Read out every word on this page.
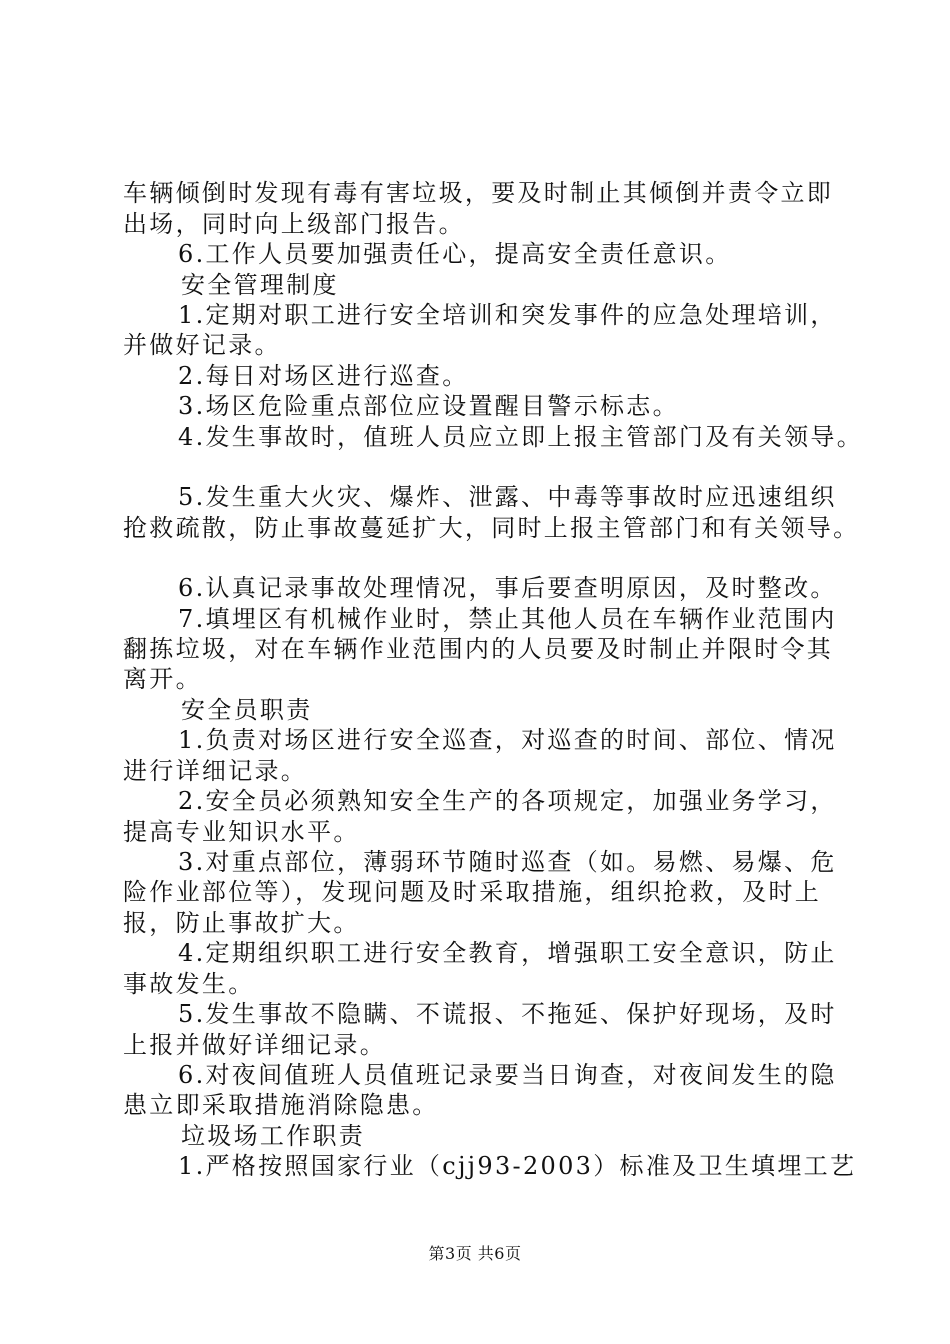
车辆倾倒时发现有毒有害垃圾，要及时制止其倾倒并责令立即
出场，同时向上级部门报告。
6.工作人员要加强责任心，提高安全责任意识。
安全管理制度
1.定期对职工进行安全培训和突发事件的应急处理培训，
并做好记录。
2.每日对场区进行巡查。
3.场区危险重点部位应设置醒目警示标志。
4.发生事故时，值班人员应立即上报主管部门及有关领导。
5.发生重大火灾、爆炸、泄露、中毒等事故时应迅速组织
抢救疏散，防止事故蔓延扩大，同时上报主管部门和有关领导。
6.认真记录事故处理情况，事后要查明原因，及时整改。
7.填埋区有机械作业时，禁止其他人员在车辆作业范围内
翻拣垃圾，对在车辆作业范围内的人员要及时制止并限时令其
离开。
安全员职责
1.负责对场区进行安全巡查，对巡查的时间、部位、情况
进行详细记录。
2.安全员必须熟知安全生产的各项规定，加强业务学习，
提高专业知识水平。
3.对重点部位，薄弱环节随时巡查（如。易燃、易爆、危
险作业部位等），发现问题及时采取措施，组织抢救，及时上
报，防止事故扩大。
4.定期组织职工进行安全教育，增强职工安全意识，防止
事故发生。
5.发生事故不隐瞒、不谎报、不拖延、保护好现场，及时
上报并做好详细记录。
6.对夜间值班人员值班记录要当日询查，对夜间发生的隐
患立即采取措施消除隐患。
垃圾场工作职责
1.严格按照国家行业（cjj93-2003）标准及卫生填埋工艺
第3页 共6页
